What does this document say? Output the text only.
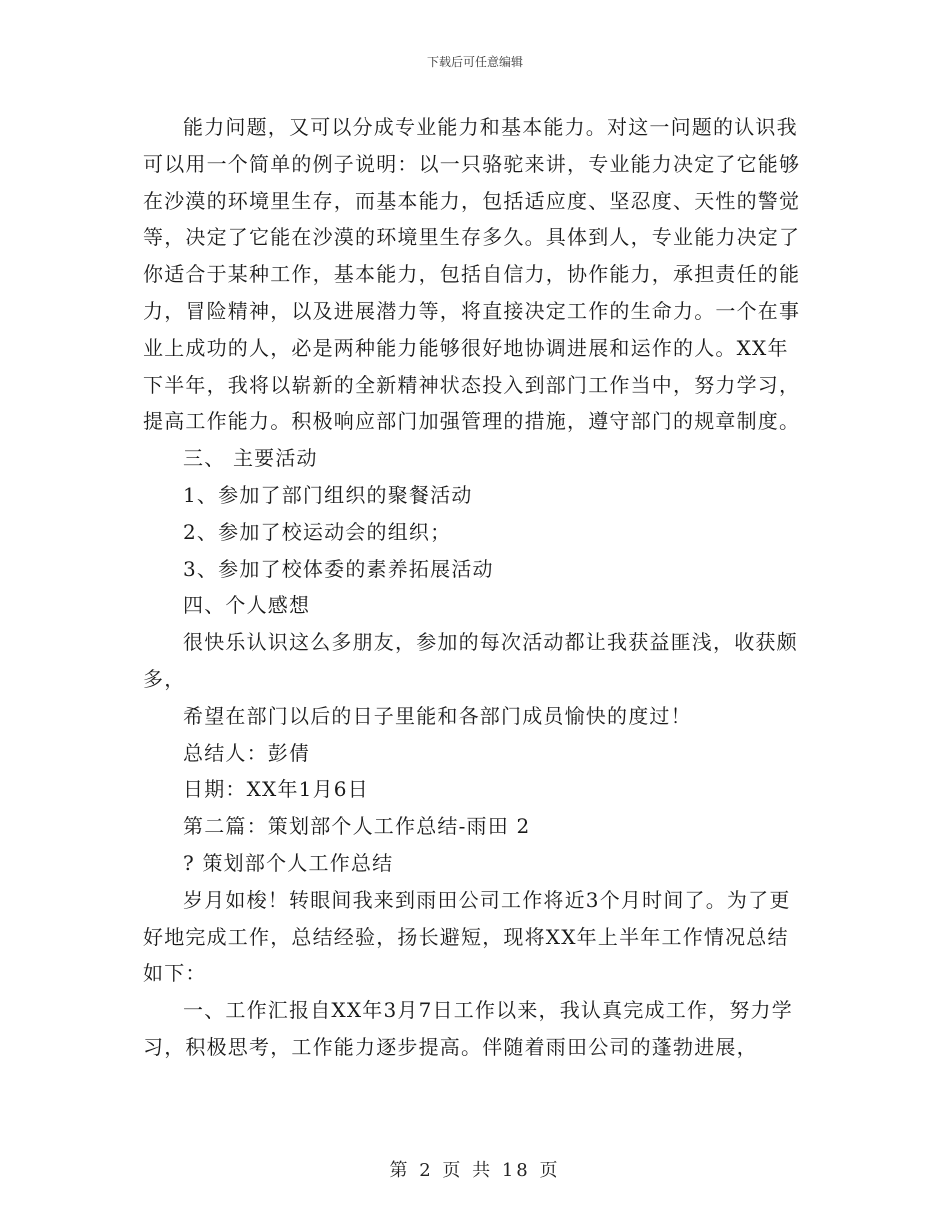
下载后可任意编辑

能力问题，又可以分成专业能力和基本能力。对这一问题的认识我可以用一个简单的例子说明：以一只骆驼来讲，专业能力决定了它能够在沙漠的环境里生存，而基本能力，包括适应度、坚忍度、天性的警觉等，决定了它能在沙漠的环境里生存多久。具体到人，专业能力决定了你适合于某种工作，基本能力，包括自信力，协作能力，承担责任的能力，冒险精神，以及进展潜力等，将直接决定工作的生命力。一个在事业上成功的人，必是两种能力能够很好地协调进展和运作的人。XX年下半年，我将以崭新的全新精神状态投入到部门工作当中，努力学习，提高工作能力。积极响应部门加强管理的措施，遵守部门的规章制度。

三、 主要活动

1、参加了部门组织的聚餐活动

2、参加了校运动会的组织；

3、参加了校体委的素养拓展活动

四、个人感想

很快乐认识这么多朋友，参加的每次活动都让我获益匪浅，收获颇多，

希望在部门以后的日子里能和各部门成员愉快的度过！

总结人：彭倩

日期：XX年1月6日

第二篇：策划部个人工作总结-雨田 2

? 策划部个人工作总结

岁月如梭！转眼间我来到雨田公司工作将近3个月时间了。为了更好地完成工作，总结经验，扬长避短，现将XX年上半年工作情况总结如下：

一、工作汇报自XX年3月7日工作以来，我认真完成工作，努力学习，积极思考，工作能力逐步提高。伴随着雨田公司的蓬勃进展，

第 2 页 共 18 页
